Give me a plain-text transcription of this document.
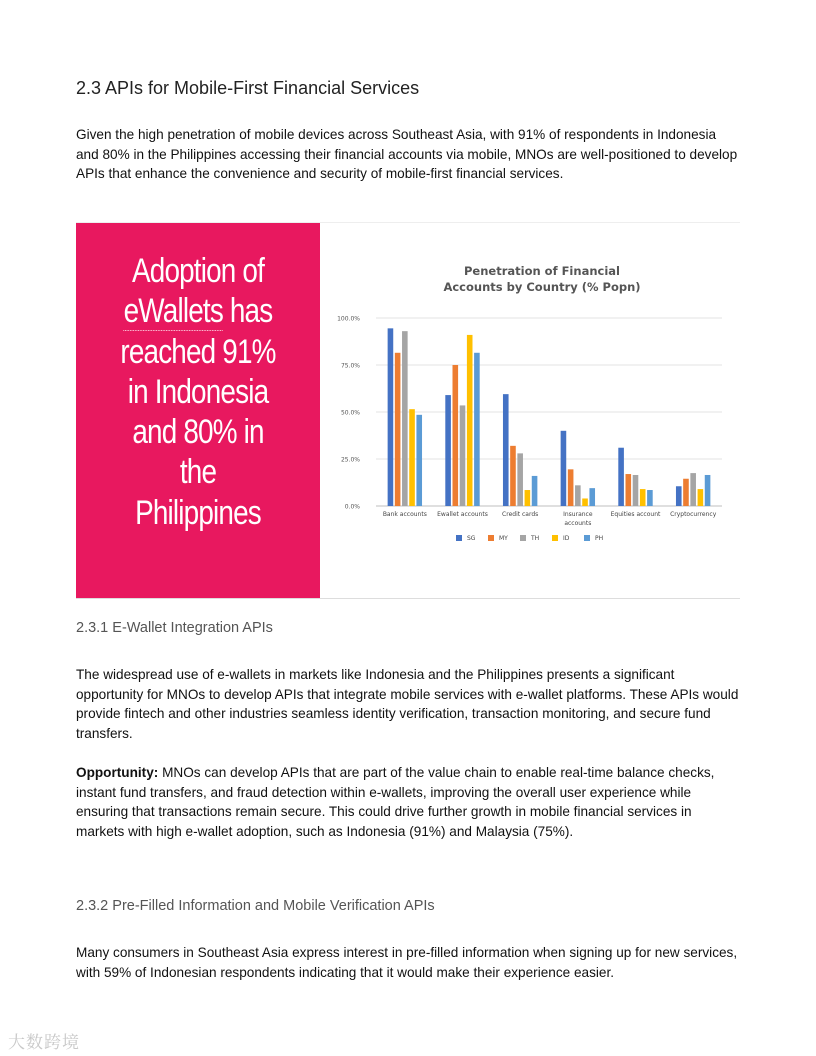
2.3 APIs for Mobile-First Financial Services

Given the high penetration of mobile devices across Southeast Asia, with 91% of respondents in Indonesia and 80% in the Philippines accessing their financial accounts via mobile, MNOs are well-positioned to develop APIs that enhance the convenience and security of mobile-first financial services.

Adoption of
eWallets has
reached 91%
in Indonesia
and 80% in
the
Philippines
Penetration of Financial
Accounts by Country (% Popn)
0.0%
25.0%
50.0%
75.0%
100.0%
Bank accounts Ewallet accounts Credit cards	Insurance
accounts
Equities account Cryptocurrency
SG	MY	TH	ID	PH
2.3.1 E-Wallet Integration APIs

The widespread use of e-wallets in markets like Indonesia and the Philippines presents a significant opportunity for MNOs to develop APIs that integrate mobile services with e-wallet platforms. These APIs would provide fintech and other industries seamless identity verification, transaction monitoring, and secure fund transfers.

Opportunity: MNOs can develop APIs that are part of the value chain to enable real-time balance checks, instant fund transfers, and fraud detection within e-wallets, improving the overall user experience while ensuring that transactions remain secure. This could drive further growth in mobile financial services in markets with high e-wallet adoption, such as Indonesia (91%) and Malaysia (75%).

2.3.2 Pre-Filled Information and Mobile Verification APIs

Many consumers in Southeast Asia express interest in pre-filled information when signing up for new services, with 59% of Indonesian respondents indicating that it would make their experience easier.

大数跨境
